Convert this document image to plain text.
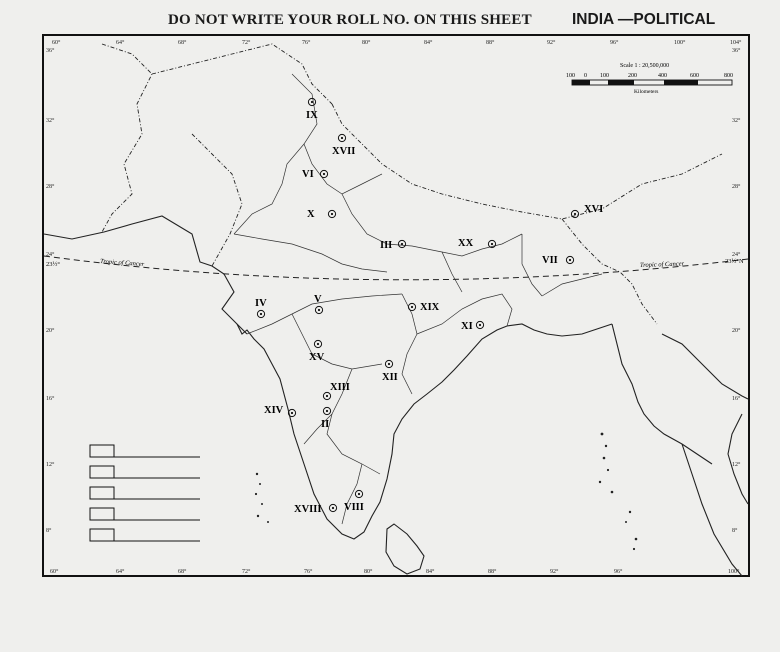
DO NOT WRITE YOUR ROLL NO. ON THIS SHEET	INDIA —POLITICAL
60°	64°	68°	72°	76°	80°	84°	88°	92°	96°	100°	104°
60°	64°	68°	72°	76°	80°	84°	88°	92°	96°	100°
36°
32°
28°
24°
20°
16°
12°
8°
36°
32°
28°
24°
20°
16°
12°
8°
Tropic of Cancer	Tropic of Cancer
23½°	23½°N
Scale 1 : 20,500,000
100 0 100	200	400	600	800
Kilometers
IX
XVII
VI
X
III	XX
VII
XVI
IV	V
XIX
XI
XV
XII
XIII
XIV
II
XVIII VIII
